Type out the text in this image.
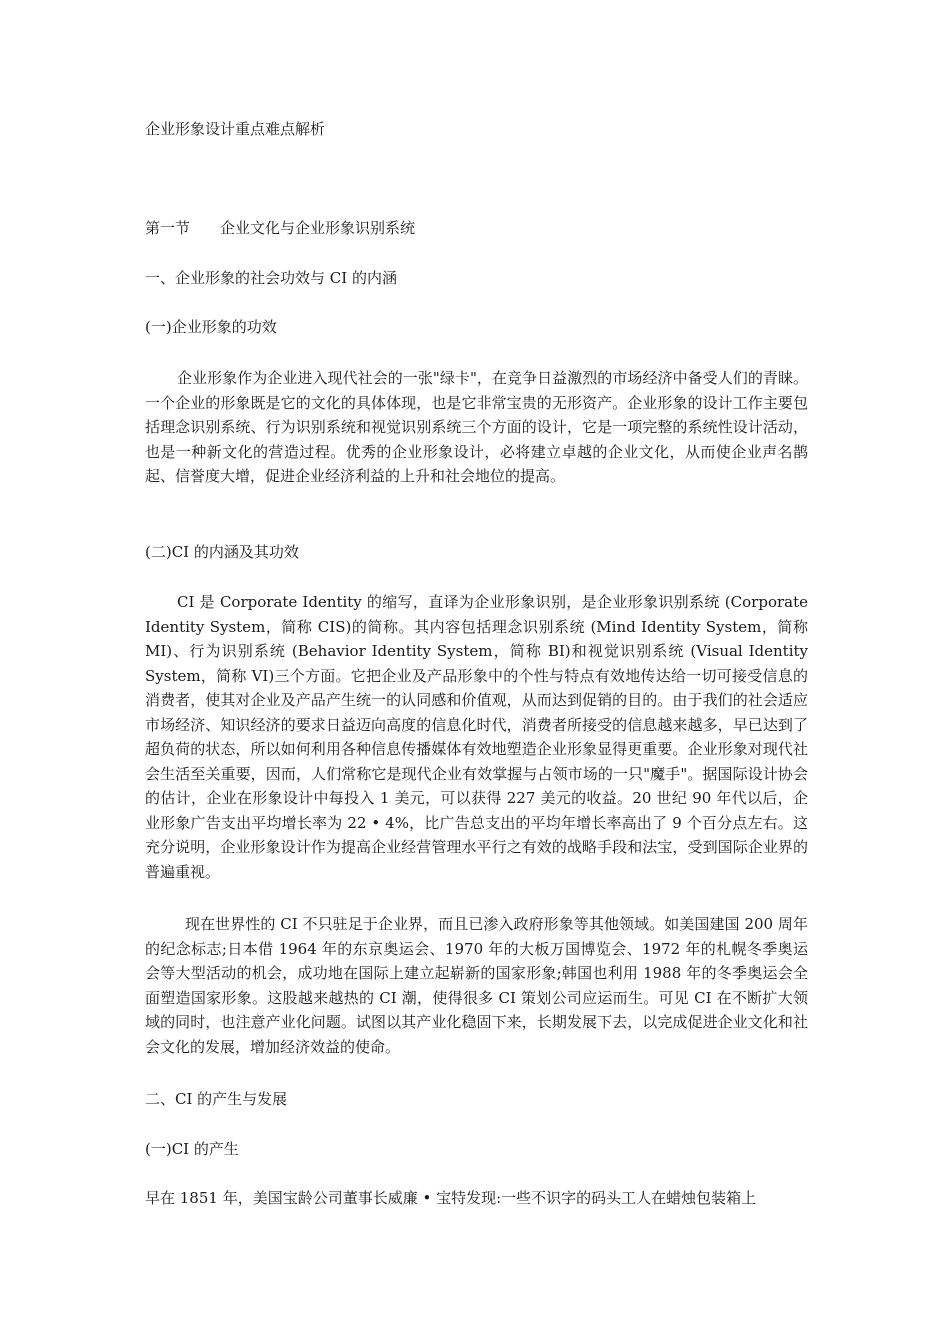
企业形象设计重点难点解析
第一节　　企业文化与企业形象识别系统
一、企业形象的社会功效与 CI 的内涵
(一)企业形象的功效
企业形象作为企业进入现代社会的一张"绿卡"，在竞争日益激烈的市场经济中备受人们的青睐。一个企业的形象既是它的文化的具体体现，也是它非常宝贵的无形资产。企业形象的设计工作主要包括理念识别系统、行为识别系统和视觉识别系统三个方面的设计，它是一项完整的系统性设计活动，也是一种新文化的营造过程。优秀的企业形象设计，必将建立卓越的企业文化，从而使企业声名鹊起、信誉度大增，促进企业经济利益的上升和社会地位的提高。
(二)CI 的内涵及其功效
CI 是 Corporate Identity 的缩写，直译为企业形象识别，是企业形象识别系统 (Corporate Identity System，简称 CIS)的简称。其内容包括理念识别系统 (Mind Identity System，简称 MI)、行为识别系统 (Behavior Identity System，简称 BI)和视觉识别系统 (Visual Identity System，简称 VI)三个方面。它把企业及产品形象中的个性与特点有效地传达给一切可接受信息的消费者，使其对企业及产品产生统一的认同感和价值观，从而达到促销的目的。由于我们的社会适应市场经济、知识经济的要求日益迈向高度的信息化时代，消费者所接受的信息越来越多，早已达到了超负荷的状态，所以如何利用各种信息传播媒体有效地塑造企业形象显得更重要。企业形象对现代社会生活至关重要，因而，人们常称它是现代企业有效掌握与占领市场的一只"魔手"。据国际设计协会的估计，企业在形象设计中每投入 1 美元，可以获得 227 美元的收益。20 世纪 90 年代以后，企业形象广告支出平均增长率为 22 • 4%，比广告总支出的平均年增长率高出了 9 个百分点左右。这充分说明，企业形象设计作为提高企业经营管理水平行之有效的战略手段和法宝，受到国际企业界的普遍重视。
现在世界性的 CI 不只驻足于企业界，而且已渗入政府形象等其他领域。如美国建国 200 周年的纪念标志;日本借 1964 年的东京奥运会、1970 年的大板万国博览会、1972 年的札幌冬季奥运会等大型活动的机会，成功地在国际上建立起崭新的国家形象;韩国也利用 1988 年的冬季奥运会全面塑造国家形象。这股越来越热的 CI 潮，使得很多 CI 策划公司应运而生。可见 CI 在不断扩大领域的同时，也注意产业化问题。试图以其产业化稳固下来，长期发展下去，以完成促进企业文化和社会文化的发展，增加经济效益的使命。
二、CI 的产生与发展
(一)CI 的产生
早在 1851 年，美国宝龄公司董事长威廉 • 宝特发现:一些不识字的码头工人在蜡烛包装箱上
